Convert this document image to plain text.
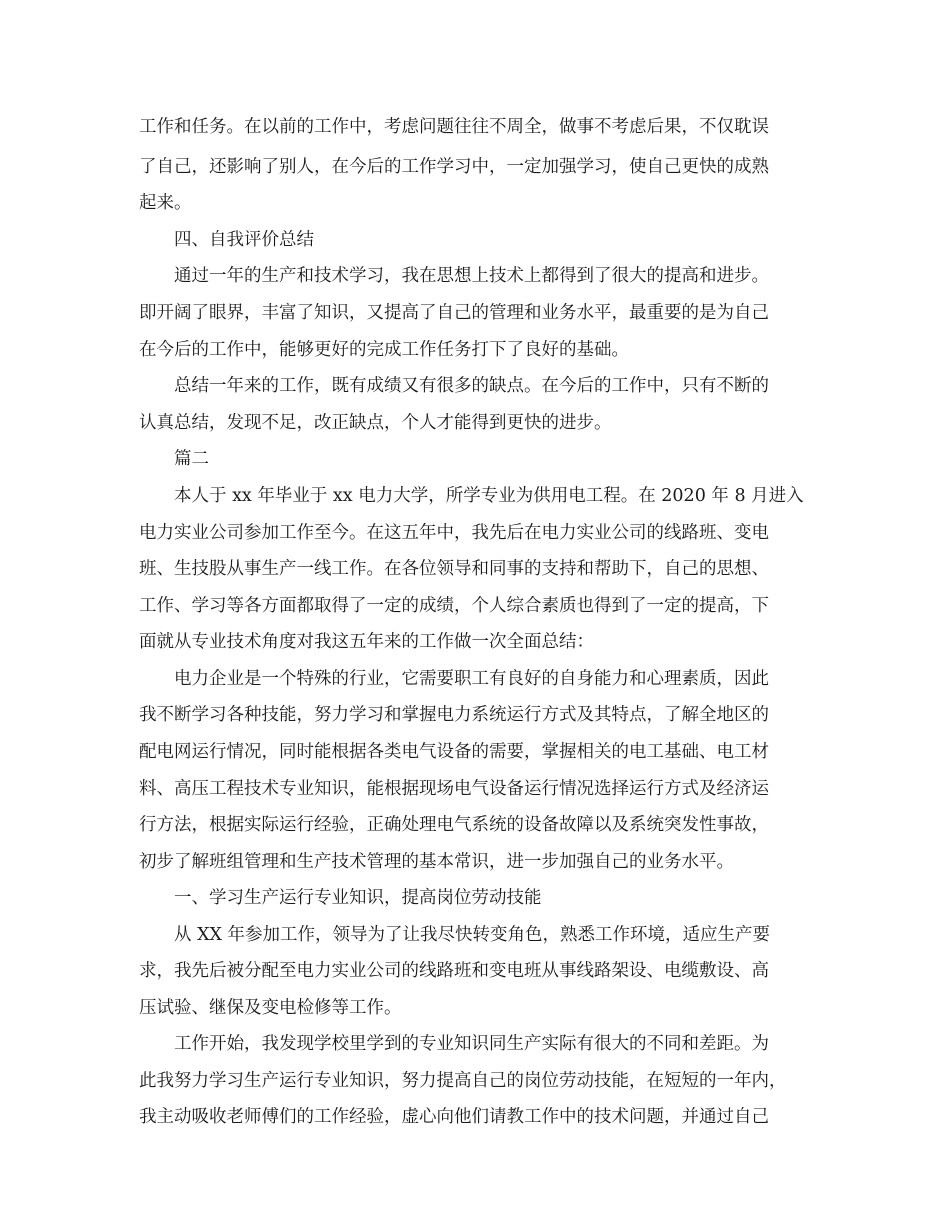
工作和任务。在以前的工作中，考虑问题往往不周全，做事不考虑后果，不仅耽误

了自己，还影响了别人，在今后的工作学习中，一定加强学习，使自己更快的成熟

起来。

四、自我评价总结

通过一年的生产和技术学习，我在思想上技术上都得到了很大的提高和进步。

即开阔了眼界，丰富了知识，又提高了自己的管理和业务水平，最重要的是为自己

在今后的工作中，能够更好的完成工作任务打下了良好的基础。

总结一年来的工作，既有成绩又有很多的缺点。在今后的工作中，只有不断的

认真总结，发现不足，改正缺点，个人才能得到更快的进步。

篇二

本人于 xx 年毕业于 xx 电力大学，所学专业为供用电工程。在 2020 年 8 月进入

电力实业公司参加工作至今。在这五年中，我先后在电力实业公司的线路班、变电

班、生技股从事生产一线工作。在各位领导和同事的支持和帮助下，自己的思想、

工作、学习等各方面都取得了一定的成绩，个人综合素质也得到了一定的提高，下

面就从专业技术角度对我这五年来的工作做一次全面总结：

电力企业是一个特殊的行业，它需要职工有良好的自身能力和心理素质，因此

我不断学习各种技能，努力学习和掌握电力系统运行方式及其特点，了解全地区的

配电网运行情况，同时能根据各类电气设备的需要，掌握相关的电工基础、电工材

料、高压工程技术专业知识，能根据现场电气设备运行情况选择运行方式及经济运

行方法，根据实际运行经验，正确处理电气系统的设备故障以及系统突发性事故，

初步了解班组管理和生产技术管理的基本常识，进一步加强自己的业务水平。

一、学习生产运行专业知识，提高岗位劳动技能

从 XX 年参加工作，领导为了让我尽快转变角色，熟悉工作环境，适应生产要

求，我先后被分配至电力实业公司的线路班和变电班从事线路架设、电缆敷设、高

压试验、继保及变电检修等工作。

工作开始，我发现学校里学到的专业知识同生产实际有很大的不同和差距。为

此我努力学习生产运行专业知识，努力提高自己的岗位劳动技能，在短短的一年内，

我主动吸收老师傅们的工作经验，虚心向他们请教工作中的技术问题，并通过自己
